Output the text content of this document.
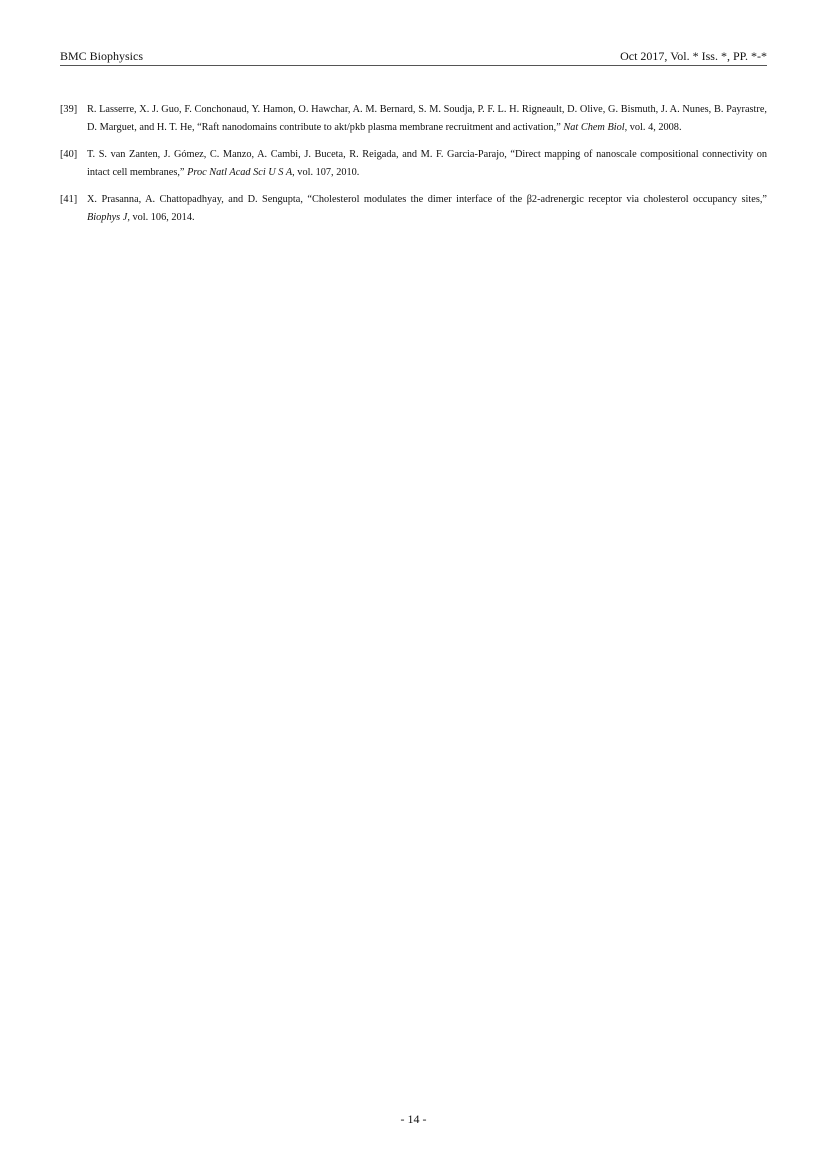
BMC Biophysics	Oct 2017, Vol. * Iss. *, PP. *-*
[39] R. Lasserre, X. J. Guo, F. Conchonaud, Y. Hamon, O. Hawchar, A. M. Bernard, S. M. Soudja, P. F. L. H. Rigneault, D. Olive, G. Bismuth, J. A. Nunes, B. Payrastre, D. Marguet, and H. T. He, “Raft nanodomains contribute to akt/pkb plasma membrane recruitment and activation,” Nat Chem Biol, vol. 4, 2008.
[40] T. S. van Zanten, J. Gómez, C. Manzo, A. Cambi, J. Buceta, R. Reigada, and M. F. Garcia-Parajo, “Direct mapping of nanoscale compositional connectivity on intact cell membranes,” Proc Natl Acad Sci U S A, vol. 107, 2010.
[41] X. Prasanna, A. Chattopadhyay, and D. Sengupta, “Cholesterol modulates the dimer interface of the β2-adrenergic receptor via cholesterol occupancy sites,” Biophys J, vol. 106, 2014.
- 14 -
